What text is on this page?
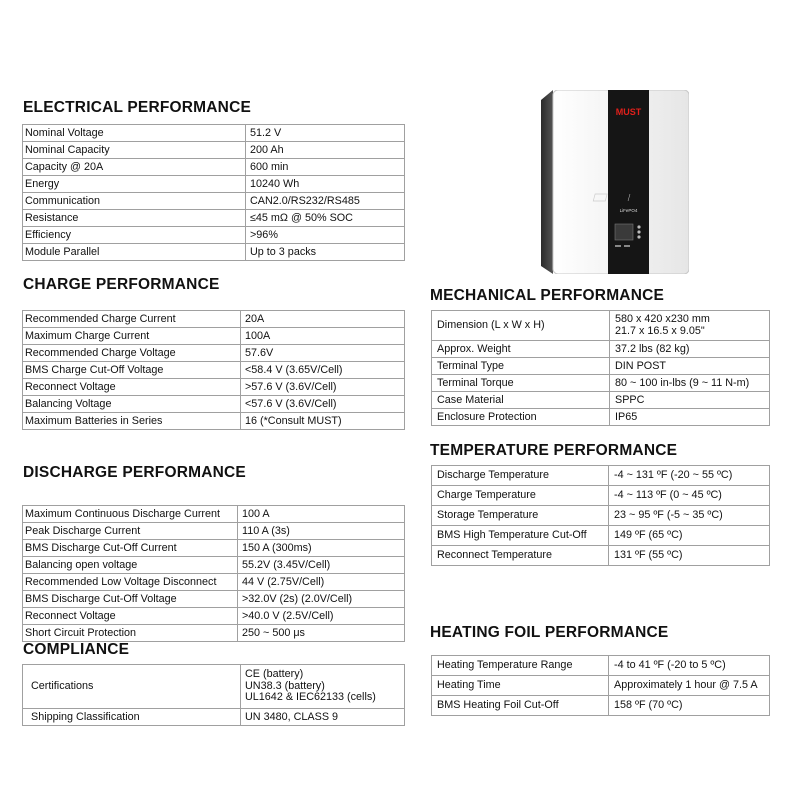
ELECTRICAL PERFORMANCE
Nominal Voltage	51.2 V
Nominal Capacity	200 Ah
Capacity @ 20A	600 min
Energy	10240 Wh
Communication	CAN2.0/RS232/RS485
Resistance	≤45 mΩ @ 50% SOC
Efficiency	>96%
Module Parallel	Up to 3 packs
CHARGE PERFORMANCE
Recommended Charge Current	20A
Maximum Charge Current	100A
Recommended Charge Voltage	57.6V
BMS Charge Cut-Off Voltage	<58.4 V (3.65V/Cell)
Reconnect Voltage	>57.6 V (3.6V/Cell)
Balancing Voltage	<57.6 V (3.6V/Cell)
Maximum Batteries in Series	16 (*Consult MUST)
DISCHARGE PERFORMANCE
Maximum Continuous Discharge Current	100 A
Peak Discharge Current	110 A (3s)
BMS Discharge Cut-Off Current	150 A (300ms)
Balancing open voltage	55.2V (3.45V/Cell)
Recommended Low Voltage Disconnect	44 V (2.75V/Cell)
BMS Discharge Cut-Off Voltage	>32.0V (2s) (2.0V/Cell)
Reconnect Voltage	>40.0 V (2.5V/Cell)
Short Circuit Protection	250 ~ 500 μs
COMPLIANCE
Certifications	CE (battery)
UN38.3 (battery)
UL1642 & IEC62133 (cells)

Shipping Classification	UN 3480, CLASS 9
MUST
LiFePO4
MECHANICAL PERFORMANCE
Dimension (L x W x H)	580 x 420 x230 mm
21.7 x 16.5 x 9.05"

Approx. Weight	37.2 lbs (82 kg)
Terminal Type	DIN POST
Terminal Torque	80 ~ 100 in-lbs (9 ~ 11 N-m)
Case Material	SPPC
Enclosure Protection	IP65
TEMPERATURE PERFORMANCE
Discharge Temperature	-4 ~ 131 ºF (-20 ~ 55 ºC)
Charge Temperature	-4 ~ 113 ºF (0 ~ 45 ºC)
Storage Temperature	23 ~ 95 ºF (-5 ~ 35 ºC)
BMS High Temperature Cut-Off	149 ºF (65 ºC)
Reconnect Temperature	131 ºF (55 ºC)
HEATING FOIL PERFORMANCE
Heating Temperature Range	-4 to 41 ºF (-20 to 5 ºC)
Heating Time	Approximately 1 hour @ 7.5 A
BMS Heating Foil Cut-Off	158 ºF (70 ºC)
